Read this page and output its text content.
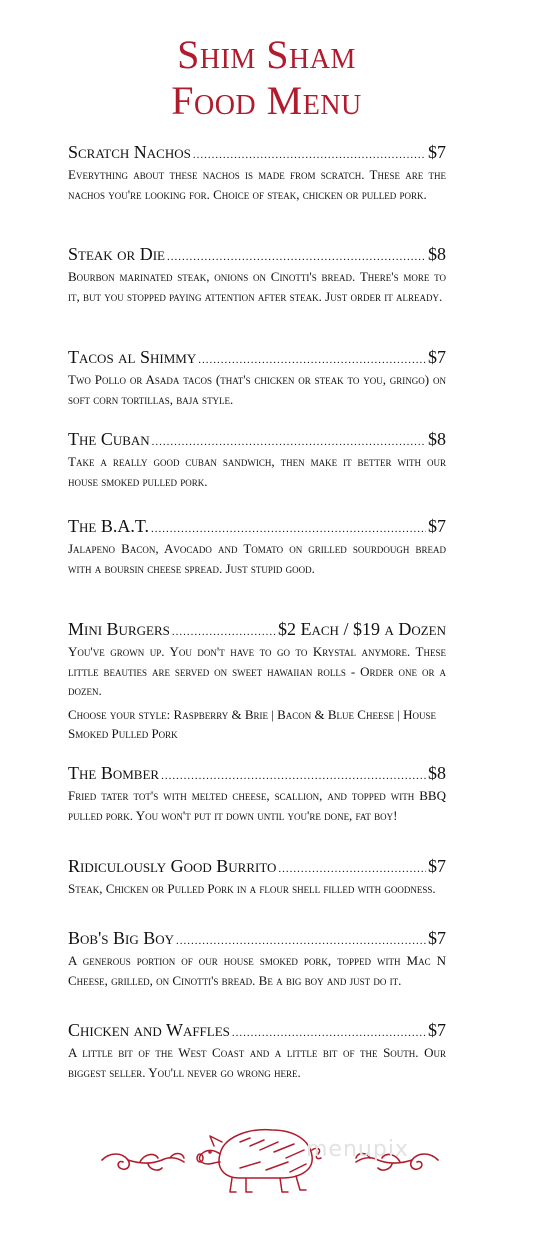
Shim Sham
Food Menu
Scratch Nachos .....	$7

Everything about these nachos is made from scratch. These are the nachos you're looking for. Choice of steak, chicken or pulled pork.

Steak or Die .....	$8

Bourbon marinated steak, onions on Cinotti's bread. There's more to it, but you stopped paying attention after steak. Just order it already.

Tacos al Shimmy .....	$7

Two Pollo or Asada tacos (that's chicken or steak to you, gringo) on soft corn tortillas, baja style.

The Cuban .....	$8

Take a really good cuban sandwich, then make it better with our house smoked pulled pork.

The B.A.T. .....	$7

Jalapeno Bacon, Avocado and Tomato on grilled sourdough bread with a boursin cheese spread. Just stupid good.

Mini Burgers .....	$2 Each / $19 a Dozen

You've grown up. You don't have to go to Krystal anymore. These little beauties are served on sweet hawaiian rolls - Order one or a dozen.

Choose your style: Raspberry & Brie | Bacon & Blue Cheese | House Smoked Pulled Pork
The Bomber .....	$8

Fried tater tot's with melted cheese, scallion, and topped with BBQ pulled pork. You won't put it down until you're done, fat boy!

Ridiculously Good Burrito .....	$7

Steak, Chicken or Pulled Pork in a flour shell filled with goodness.

Bob's Big Boy .....	$7

A generous portion of our house smoked pork, topped with Mac N Cheese, grilled, on Cinotti's bread. Be a big boy and just do it.

Chicken and Waffles .....	$7

A little bit of the West Coast and a little bit of the South. Our biggest seller. You'll never go wrong here.

menupix
